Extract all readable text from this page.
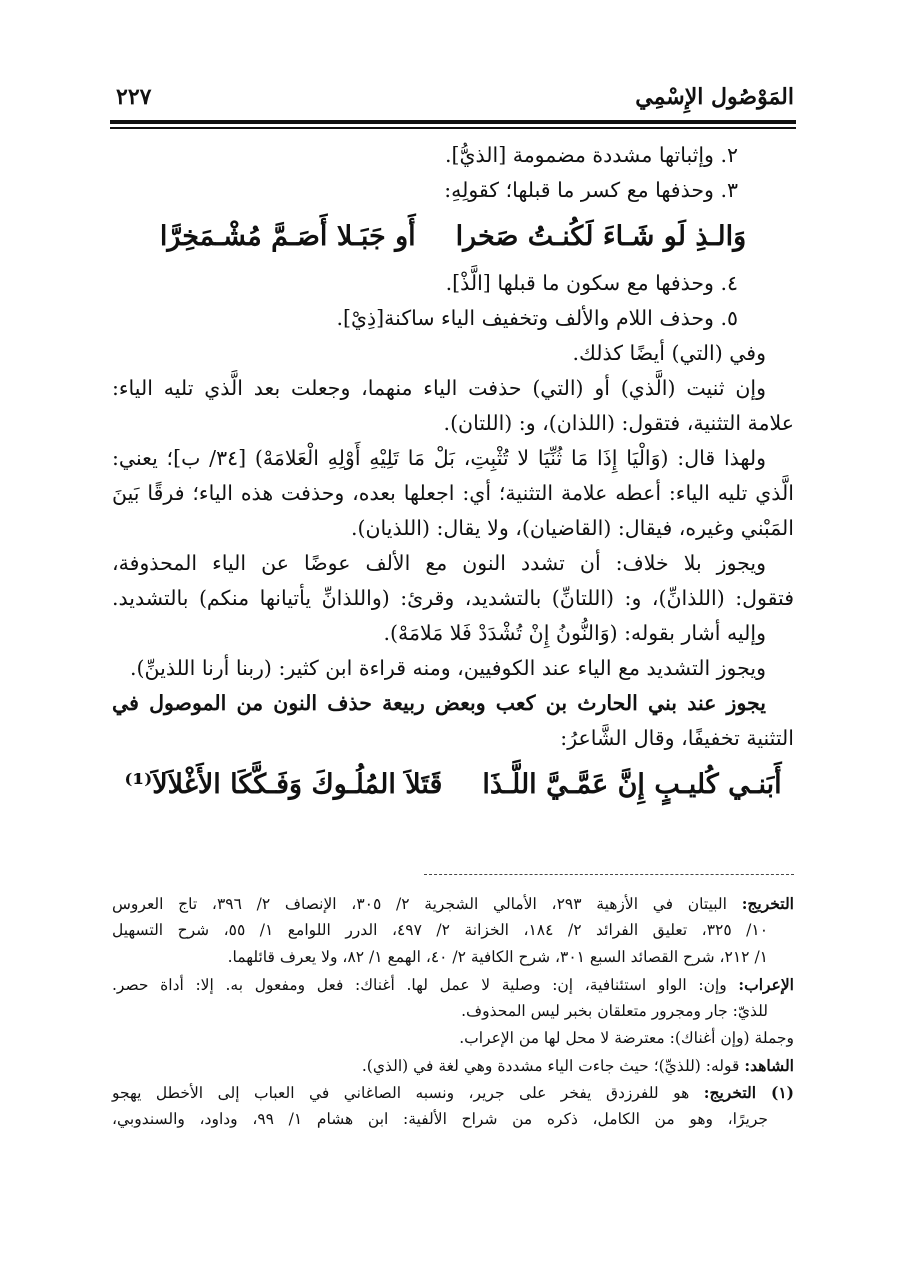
المَوْصُول الإِسْمِي
٢٢٧
٢. وإثباتها مشددة مضمومة [الذيُّ].
٣. وحذفها مع كسر ما قبلها؛ كقولِهِ:
وَالـذِ لَو شَـاءَ لَكُنـتُ صَخرا
أَو جَبَـلا أَصَـمَّ مُشْـمَخِرَّا
٤. وحذفها مع سكون ما قبلها [الَّذْ].
٥. وحذف اللام والألف وتخفيف الياء ساكنة[ذِيْ].
وفي (التي) أيضًا كذلك.
وإن ثنيت (الَّذي) أو (التي) حذفت الياء منهما، وجعلت بعد الَّذي تليه الياء:
علامة التثنية، فتقول: (اللذان)، و: (اللتان).
ولهذا قال: (وَالْيَا إِذَا مَا ثُنِّيَا لا تُثْبِتِ، بَلْ مَا تَلِيْهِ أَوْلِهِ الْعَلامَهْ) [٣٤/ ب]؛ يعني:
الَّذي تليه الياء: أعطه علامة التثنية؛ أي: اجعلها بعده، وحذفت هذه الياء؛ فرقًا بَينَ
المَبْني وغيره، فيقال: (القاضيان)، ولا يقال: (اللذيان).
ويجوز بلا خلاف: أن تشدد النون مع الألف عوضًا عن الياء المحذوفة،
فتقول: (اللذانِّ)، و: (اللتانِّ) بالتشديد، وقرئ: (واللذانِّ يأتيانها منكم) بالتشديد.
وإليه أشار بقوله: (وَالنُّونُ إِنْ تُشْدَدْ فَلا مَلامَهْ).
ويجوز التشديد مع الياء عند الكوفيين، ومنه قراءة ابن كثير: (ربنا أرنا اللذينِّ).
يجوز عند بني الحارث بن كعب وبعض ربيعة حذف النون من الموصول في
التثنية تخفيفًا، وقال الشَّاعرُ:
أَبَنـي كُليـبٍ إِنَّ عَمَّـيَّ اللَّـذَا
قَتَلاَ المُلُـوكَ وَفَـكَّكَا الأَغْلاَلاَ⁽¹⁾
التخريج: البيتان في الأزهية ٢٩٣، الأمالي الشجرية ٢/ ٣٠٥، الإنصاف ٢/ ٣٩٦، تاج العروس
١٠/ ٣٢٥، تعليق الفرائد ٢/ ١٨٤، الخزانة ٢/ ٤٩٧، الدرر اللوامع ١/ ٥٥، شرح التسهيل
١/ ٢١٢، شرح القصائد السبع ٣٠١، شرح الكافية ٢/ ٤٠، الهمع ١/ ٨٢، ولا يعرف قائلهما.
الإعراب: وإن: الواو استئنافية، إن: وصلية لا عمل لها. أغناك: فعل ومفعول به. إلا: أداة حصر.
للذيّ: جار ومجرور متعلقان بخبر ليس المحذوف.
وجملة (وإن أغناك): معترضة لا محل لها من الإعراب.
الشاهد: قوله: (للذيِّ)؛ حيث جاءت الياء مشددة وهي لغة في (الذي).
(١) التخريج: هو للفرزدق يفخر على جرير، ونسبه الصاغاني في العباب إلى الأخطل يهجو
جريرًا، وهو من الكامل، ذكره من شراح الألفية: ابن هشام ١/ ٩٩، وداود، والسندوبي،
